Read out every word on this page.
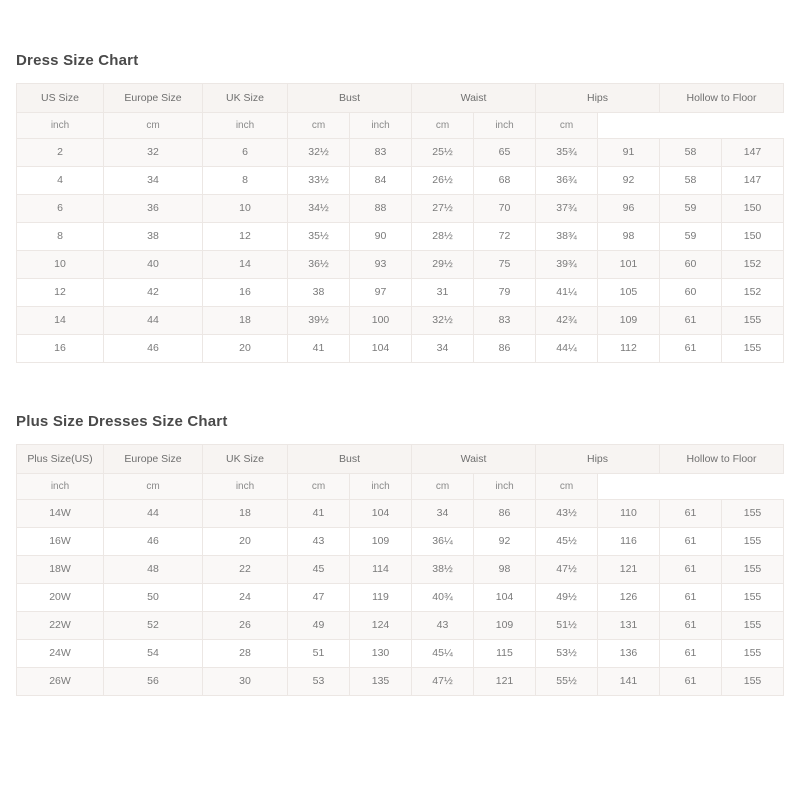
Dress Size Chart
US Size	Europe Size	UK Size	Bust		Waist		Hips		Hollow to Floor	
inch	cm	inch	cm	inch	cm	inch	cm			
2	32	6	32½	83	25½	65	35¾	91	58	147
4	34	8	33½	84	26½	68	36¾	92	58	147
6	36	10	34½	88	27½	70	37¾	96	59	150
8	38	12	35½	90	28½	72	38¾	98	59	150
10	40	14	36½	93	29½	75	39¾	101	60	152
12	42	16	38	97	31	79	41¼	105	60	152
14	44	18	39½	100	32½	83	42¾	109	61	155
16	46	20	41	104	34	86	44¼	112	61	155
Plus Size Dresses Size Chart
Plus Size(US)	Europe Size	UK Size	Bust		Waist		Hips		Hollow to Floor	
inch	cm	inch	cm	inch	cm	inch	cm			
14W	44	18	41	104	34	86	43½	110	61	155
16W	46	20	43	109	36¼	92	45½	116	61	155
18W	48	22	45	114	38½	98	47½	121	61	155
20W	50	24	47	119	40¾	104	49½	126	61	155
22W	52	26	49	124	43	109	51½	131	61	155
24W	54	28	51	130	45¼	115	53½	136	61	155
26W	56	30	53	135	47½	121	55½	141	61	155
